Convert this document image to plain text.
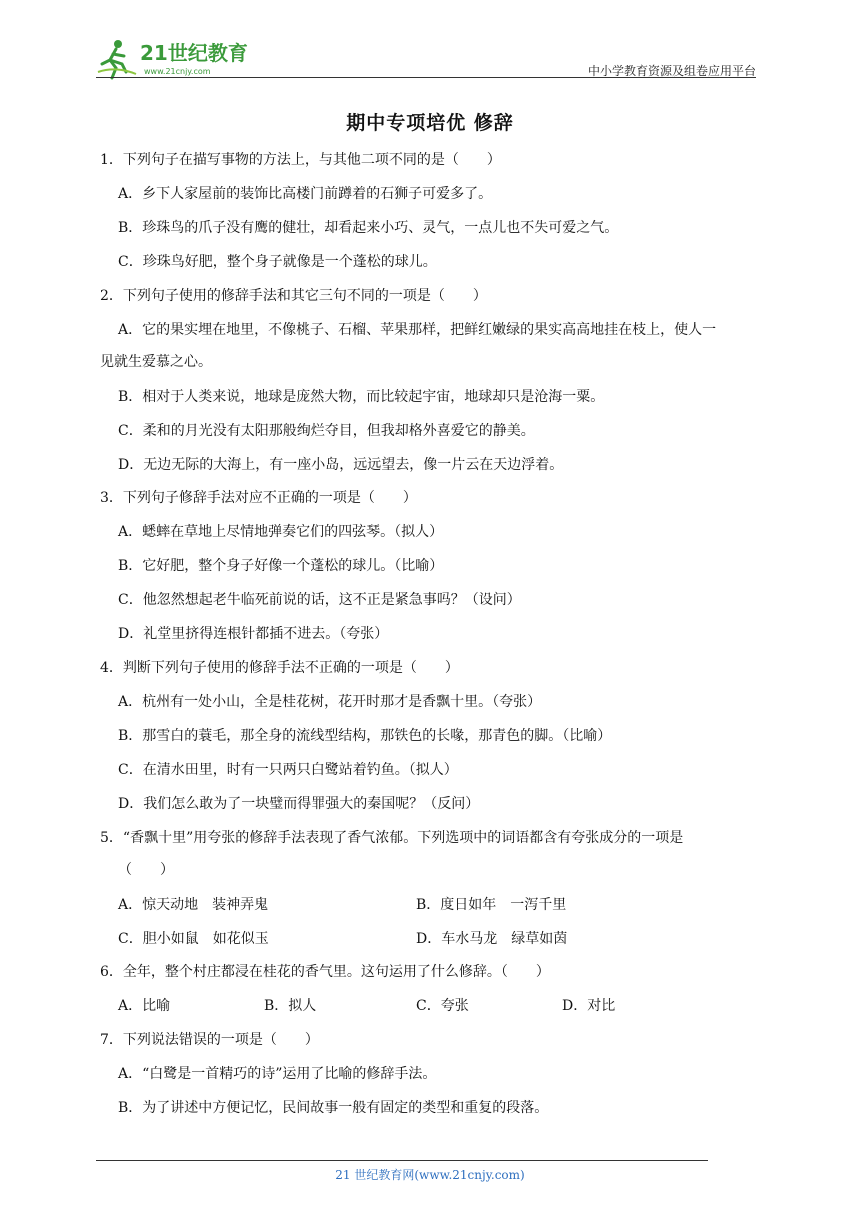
21世纪教育
www.21cnjy.com	中小学教育资源及组卷应用平台
期中专项培优 修辞
1．下列句子在描写事物的方法上，与其他二项不同的是（　　）
A．乡下人家屋前的装饰比高楼门前蹲着的石狮子可爱多了。
B．珍珠鸟的爪子没有鹰的健壮，却看起来小巧、灵气，一点儿也不失可爱之气。
C．珍珠鸟好肥，整个身子就像是一个蓬松的球儿。
2．下列句子使用的修辞手法和其它三句不同的一项是（　　）
A．它的果实埋在地里，不像桃子、石榴、苹果那样，把鲜红嫩绿的果实高高地挂在枝上，使人一
见就生爱慕之心。
B．相对于人类来说，地球是庞然大物，而比较起宇宙，地球却只是沧海一粟。
C．柔和的月光没有太阳那般绚烂夺目，但我却格外喜爱它的静美。
D．无边无际的大海上，有一座小岛，远远望去，像一片云在天边浮着。
3．下列句子修辞手法对应不正确的一项是（　　）
A．蟋蟀在草地上尽情地弹奏它们的四弦琴。（拟人）
B．它好肥，整个身子好像一个蓬松的球儿。（比喻）
C．他忽然想起老牛临死前说的话，这不正是紧急事吗？（设问）
D．礼堂里挤得连根针都插不进去。（夸张）
4．判断下列句子使用的修辞手法不正确的一项是（　　）
A．杭州有一处小山，全是桂花树，花开时那才是香飘十里。（夸张）
B．那雪白的蓑毛，那全身的流线型结构，那铁色的长喙，那青色的脚。（比喻）
C．在清水田里，时有一只两只白鹭站着钓鱼。（拟人）
D．我们怎么敢为了一块璧而得罪强大的秦国呢？（反问）
5．“香飘十里”用夸张的修辞手法表现了香气浓郁。下列选项中的词语都含有夸张成分的一项是
（　　）
A．惊天动地　装神弄鬼	B．度日如年　一泻千里
C．胆小如鼠　如花似玉	D．车水马龙　绿草如茵
6．全年，整个村庄都浸在桂花的香气里。这句运用了什么修辞。（　　）
A．比喻	B．拟人	C．夸张	D．对比
7．下列说法错误的一项是（　　）
A．“白鹭是一首精巧的诗”运用了比喻的修辞手法。
B．为了讲述中方便记忆，民间故事一般有固定的类型和重复的段落。
21 世纪教育网(www.21cnjy.com)
